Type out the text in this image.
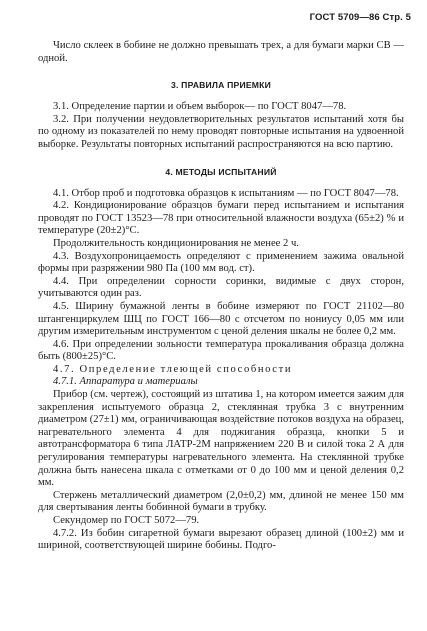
ГОСТ 5709—86 Стр. 5

Число склеек в бобине не должно превышать трех, а для бумаги марки СВ — одной.

3. ПРАВИЛА ПРИЕМКИ

3.1. Определение партии и объем выборок— по ГОСТ 8047—78.

3.2. При получении неудовлетворительных результатов испытаний хотя бы по одному из показателей по нему проводят повторные испытания на удвоенной выборке. Результаты повторных испытаний распространяются на всю партию.

4. МЕТОДЫ ИСПЫТАНИЙ

4.1. Отбор проб и подготовка образцов к испытаниям — по ГОСТ 8047—78.

4.2. Кондиционирование образцов бумаги перед испытанием и испытания проводят по ГОСТ 13523—78 при относительной влажности воздуха (65±2) % и температуре (20±2)°С.

Продолжительность кондиционирования не менее 2 ч.

4.3. Воздухопроницаемость определяют с применением зажима овальной формы при разряжении 980 Па (100 мм вод. ст).

4.4. При определении сорности соринки, видимые с двух сторон, учитываются один раз.

4.5. Ширину бумажной ленты в бобине измеряют по ГОСТ 21102—80 штангенциркулем ШЦ по ГОСТ 166—80 с отсчетом по нониусу 0,05 мм или другим измерительным инструментом с ценой деления шкалы не более 0,2 мм.

4.6. При определении зольности температура прокаливания образца должна быть (800±25)°С.

4.7. Определение тлеющей способности

4.7.1. Аппаратура и материалы

Прибор (см. чертеж), состоящий из штатива 1, на котором имеется зажим для закрепления испытуемого образца 2, стеклянная трубка 3 с внутренним диаметром (27±1) мм, ограничивающая воздействие потоков воздуха на образец, нагревательного элемента 4 для поджигания образца, кнопки 5 и автотрансформатора 6 типа ЛАТР-2М напряжением 220 В и силой тока 2 А для регулирования температуры нагревательного элемента. На стеклянной трубке должна быть нанесена шкала с отметками от 0 до 100 мм и ценой деления 0,2 мм.

Стержень металлический диаметром (2,0±0,2) мм, длиной не менее 150 мм для свертывания ленты бобинной бумаги в трубку.

Секундомер по ГОСТ 5072—79.

4.7.2. Из бобин сигаретной бумаги вырезают образец длиной (100±2) мм и шириной, соответствующей ширине бобины. Подго-
